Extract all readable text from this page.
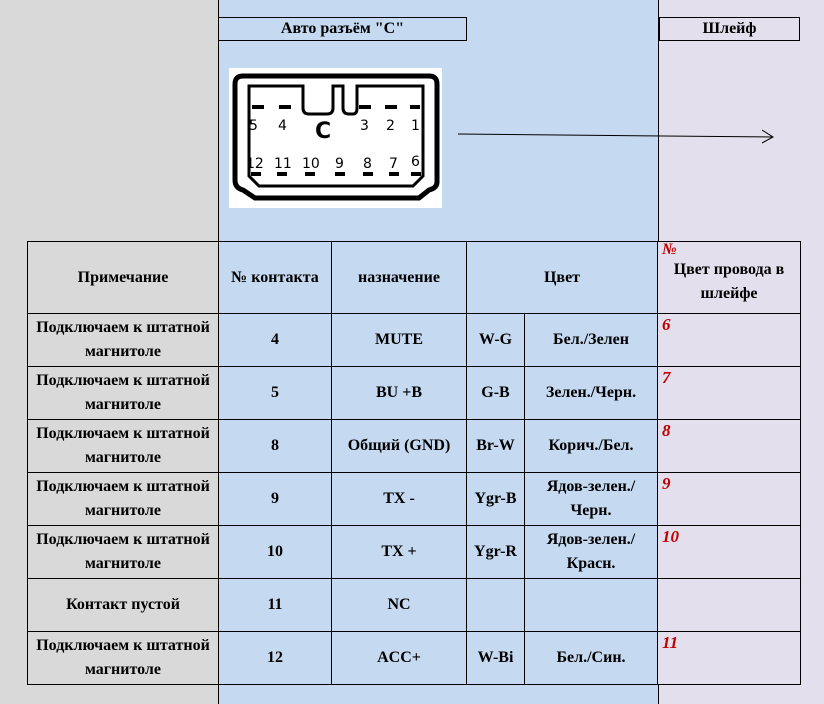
Авто разъём "С"	Шлейф
5 4	3 2 1
12 11 10 9 8 7 6
C
Примечание	№ контакта	назначение	Цвет		№
Цвет провода в шлейфе

Подключаем к штатной магнитоле	4	MUTE	W-G	Бел./Зелен	6

Подключаем к штатной магнитоле	5	BU +B	G-B	Зелен./Черн.	7

Подключаем к штатной магнитоле	8	Общий (GND)	Br-W	Корич./Бел.	8

Подключаем к штатной магнитоле	9	TX -	Ygr-B	Ядов-зелен./ Черн.	9

Подключаем к штатной магнитоле	10	TX +	Ygr-R	Ядов-зелен./ Красн.	10

Контакт пустой	11	NC			

Подключаем к штатной магнитоле	12	ACC+	W-Bi	Бел./Син.	11
